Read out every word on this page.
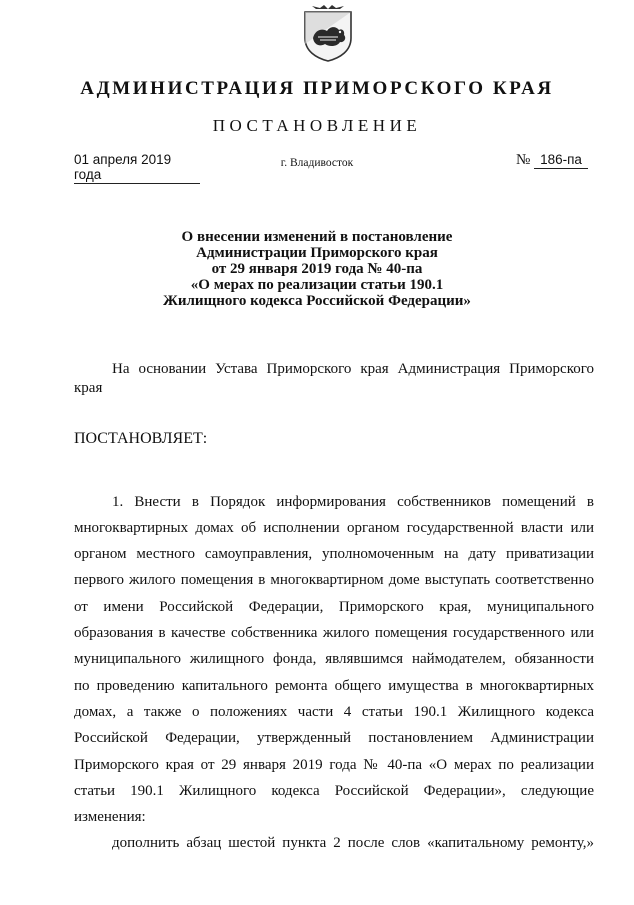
АДМИНИСТРАЦИЯ ПРИМОРСКОГО КРАЯ
ПОСТАНОВЛЕНИЕ
01 апреля 2019 года
г. Владивосток	№ 186-па
О внесении изменений в постановление
Администрации Приморского края
от 29 января 2019 года № 40-па
«О мерах по реализации статьи 190.1
Жилищного кодекса Российской Федерации»
На основании Устава Приморского края Администрация Приморского
края
ПОСТАНОВЛЯЕТ:
1. Внести в Порядок информирования собственников помещений в
многоквартирных домах об исполнении органом государственной власти или
органом местного самоуправления, уполномоченным на дату приватизации
первого жилого помещения в многоквартирном доме выступать соответственно
от имени Российской Федерации, Приморского края, муниципального
образования в качестве собственника жилого помещения государственного или
муниципального жилищного фонда, являвшимся наймодателем, обязанности
по проведению капитального ремонта общего имущества в многоквартирных
домах, а также о положениях части 4 статьи 190.1 Жилищного кодекса
Российской Федерации, утвержденный постановлением Администрации
Приморского края от 29 января 2019 года № 40-па «О мерах по реализации
статьи 190.1 Жилищного кодекса Российской Федерации», следующие
изменения:
дополнить абзац шестой пункта 2 после слов «капитальному ремонту,»
